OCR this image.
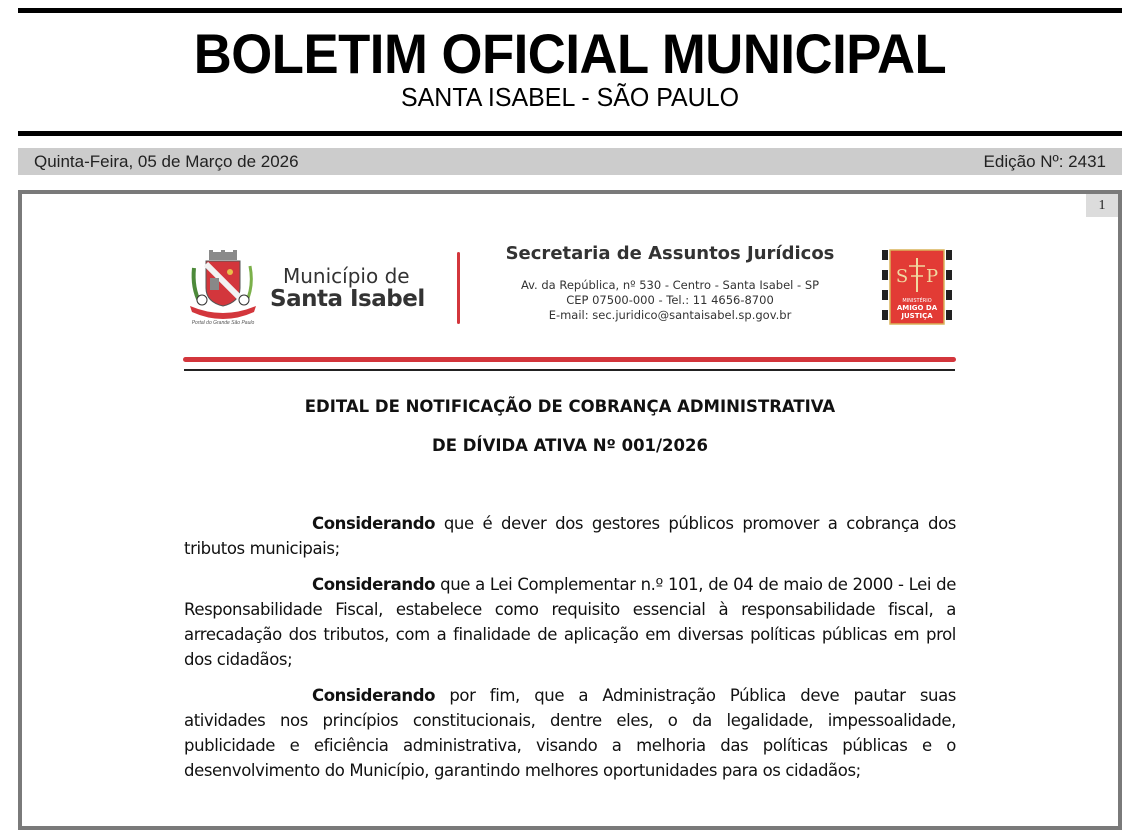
BOLETIM OFICIAL MUNICIPAL
SANTA ISABEL - SÃO PAULO
Quinta-Feira, 05 de Março de 2026	Edição Nº: 2431
1
Portal do Grande São Paulo
Município de
Santa Isabel
Secretaria de Assuntos Jurídicos
Av. da República, nº 530 - Centro - Santa Isabel - SP
CEP 07500-000 - Tel.: 11 4656-8700
E-mail: sec.juridico@santaisabel.sp.gov.br
S P
MINISTÉRIO
AMIGO DA
JUSTIÇA
EDITAL DE NOTIFICAÇÃO DE COBRANÇA ADMINISTRATIVA
DE DÍVIDA ATIVA Nº 001/2026
Considerando que é dever dos gestores públicos promover a cobrança dos tributos municipais;
Considerando que a Lei Complementar n.º 101, de 04 de maio de 2000 - Lei de Responsabilidade Fiscal, estabelece como requisito essencial à responsabilidade fiscal, a arrecadação dos tributos, com a finalidade de aplicação em diversas políticas públicas em prol dos cidadãos;
Considerando por fim, que a Administração Pública deve pautar suas atividades nos princípios constitucionais, dentre eles, o da legalidade, impessoalidade, publicidade e eficiência administrativa, visando a melhoria das políticas públicas e o desenvolvimento do Município, garantindo melhores oportunidades para os cidadãos;
